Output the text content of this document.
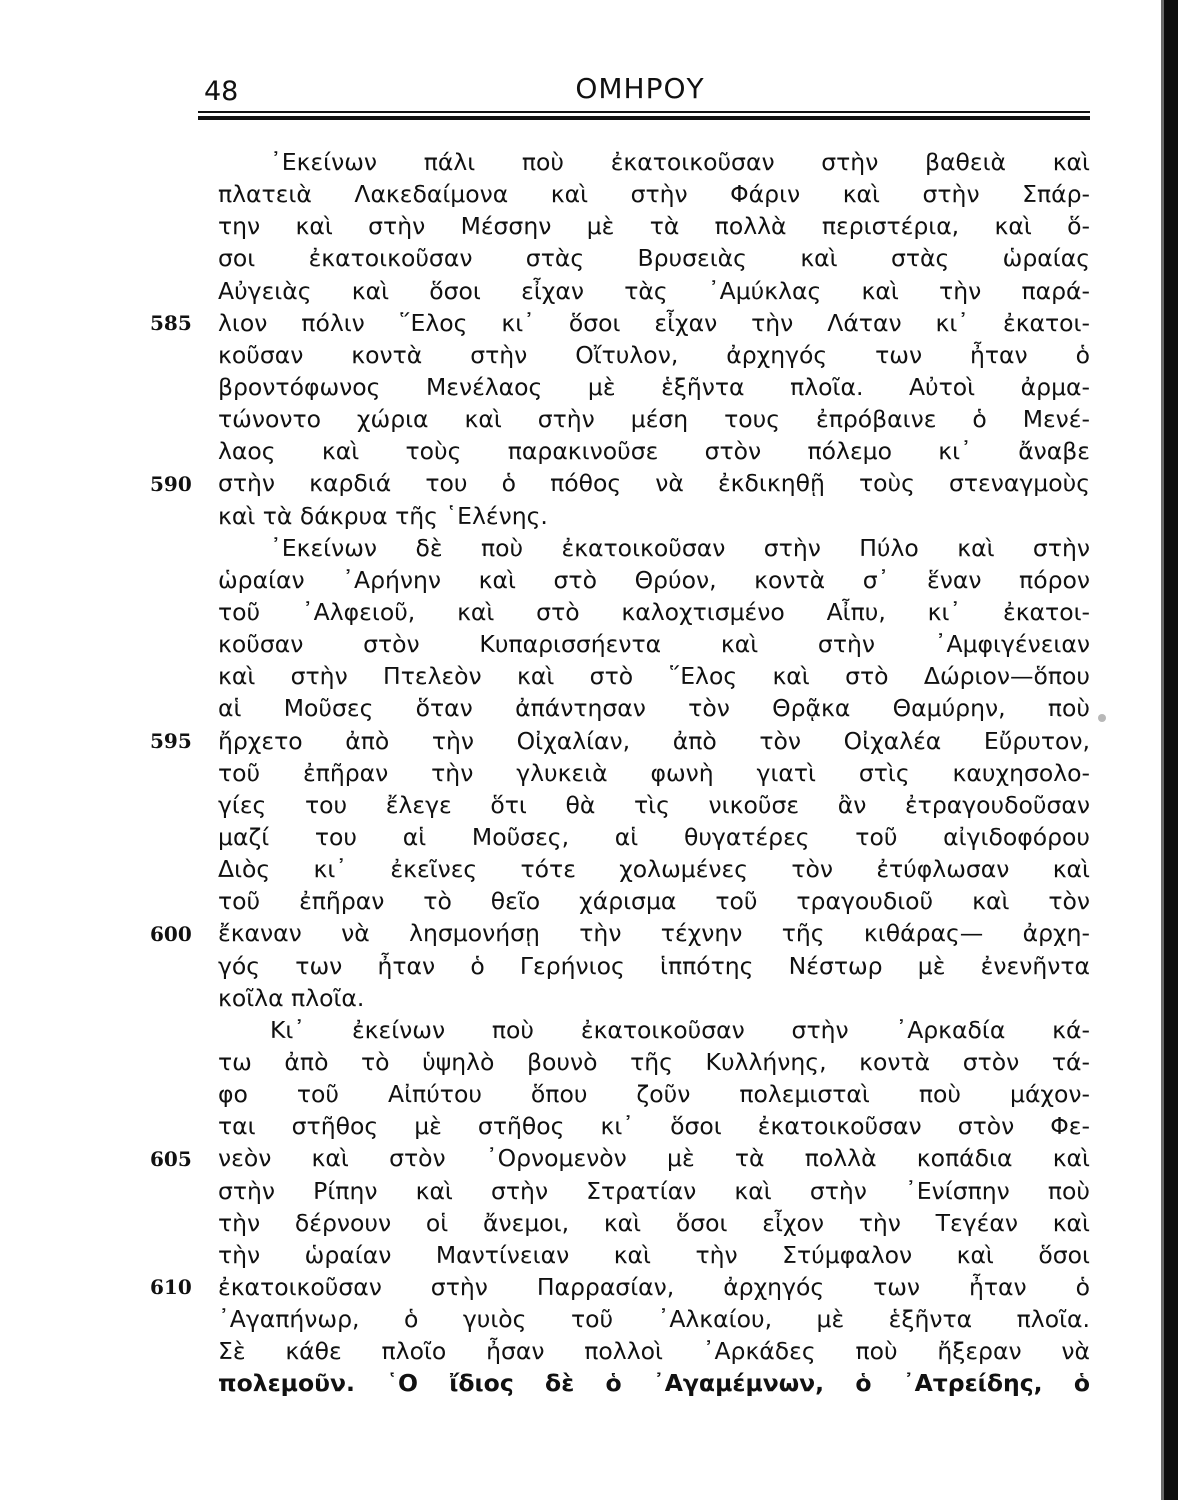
48	ΟΜΗΡΟΥ
᾿Εκείνων πάλι ποὺ ἐκατοικοῦσαν στὴν βαθειὰ καὶ
πλατειὰ Λακεδαίμονα καὶ στὴν Φάριν καὶ στὴν Σπάρ-
την καὶ στὴν Μέσσην μὲ τὰ πολλὰ περιστέρια, καὶ ὅ-
σοι ἐκατοικοῦσαν στὰς Βρυσειὰς καὶ στὰς ὡραίας
Αὐγειὰς καὶ ὅσοι εἶχαν τὰς ᾿Αμύκλας καὶ τὴν παρά-
λιον πόλιν ῞Ελος κι᾿ ὅσοι εἶχαν τὴν Λάταν κι᾿ ἐκατοι-
κοῦσαν κοντὰ στὴν Οἴτυλον, ἀρχηγός των ἦταν ὁ
βροντόφωνος Μενέλαος μὲ ἑξῆντα πλοῖα. Αὐτοὶ ἀρμα-
τώνοντο χώρια καὶ στὴν μέση τους ἐπρόβαινε ὁ Μενέ-
λαος καὶ τοὺς παρακινοῦσε στὸν πόλεμο κι᾿ ἄναβε
στὴν καρδιά του ὁ πόθος νὰ ἐκδικηθῇ τοὺς στεναγμοὺς
καὶ τὰ δάκρυα τῆς ῾Ελένης.
᾿Εκείνων δὲ ποὺ ἐκατοικοῦσαν στὴν Πύλο καὶ στὴν
ὡραίαν ᾿Αρήνην καὶ στὸ Θρύον, κοντὰ σ᾿ ἕναν πόρον
τοῦ ᾿Αλφειοῦ, καὶ στὸ καλοχτισμένο Αἶπυ, κι᾿ ἐκατοι-
κοῦσαν στὸν Κυπαρισσήεντα καὶ στὴν ᾿Αμφιγένειαν
καὶ στὴν Πτελεὸν καὶ στὸ ῞Ελος καὶ στὸ Δώριον—ὅπου
αἱ Μοῦσες ὅταν ἀπάντησαν τὸν Θρᾷκα Θαμύρην, ποὺ
ἤρχετο ἀπὸ τὴν Οἰχαλίαν, ἀπὸ τὸν Οἰχαλέα Εὔρυτον,
τοῦ ἐπῆραν τὴν γλυκειὰ φωνὴ γιατὶ στὶς καυχησολο-
γίες του ἔλεγε ὅτι θὰ τὶς νικοῦσε ἂν ἐτραγουδοῦσαν
μαζί του αἱ Μοῦσες, αἱ θυγατέρες τοῦ αἰγιδοφόρου
Διὸς κι᾿ ἐκεῖνες τότε χολωμένες τὸν ἐτύφλωσαν καὶ
τοῦ ἐπῆραν τὸ θεῖο χάρισμα τοῦ τραγουδιοῦ καὶ τὸν
ἔκαναν νὰ λησμονήσῃ τὴν τέχνην τῆς κιθάρας— ἀρχη-
γός των ἦταν ὁ Γερήνιος ἱππότης Νέστωρ μὲ ἐνενῆντα
κοῖλα πλοῖα.
Κι᾿ ἐκείνων ποὺ ἐκατοικοῦσαν στὴν ᾿Αρκαδία κά-
τω ἀπὸ τὸ ὑψηλὸ βουνὸ τῆς Κυλλήνης, κοντὰ στὸν τά-
φο τοῦ Αἰπύτου ὅπου ζοῦν πολεμισταὶ ποὺ μάχον-
ται στῆθος μὲ στῆθος κι᾿ ὅσοι ἐκατοικοῦσαν στὸν Φε-
νεὸν καὶ στὸν ᾿Ορνομενὸν μὲ τὰ πολλὰ κοπάδια καὶ
στὴν Ρίπην καὶ στὴν Στρατίαν καὶ στὴν ᾿Ενίσπην ποὺ
τὴν δέρνουν οἱ ἄνεμοι, καὶ ὅσοι εἶχον τὴν Τεγέαν καὶ
τὴν ὡραίαν Μαντίνειαν καὶ τὴν Στύμφαλον καὶ ὅσοι
ἐκατοικοῦσαν στὴν Παρρασίαν, ἀρχηγός των ἦταν ὁ
᾿Αγαπήνωρ, ὁ γυιὸς τοῦ ᾿Αλκαίου, μὲ ἑξῆντα πλοῖα.
Σὲ κάθε πλοῖο ἦσαν πολλοὶ ᾿Αρκάδες ποὺ ἤξεραν νὰ
πολεμοῦν. ῾Ο ἴδιος δὲ ὁ ᾿Αγαμέμνων, ὁ ᾿Ατρείδης, ὁ
585
590
595
600
605
610
